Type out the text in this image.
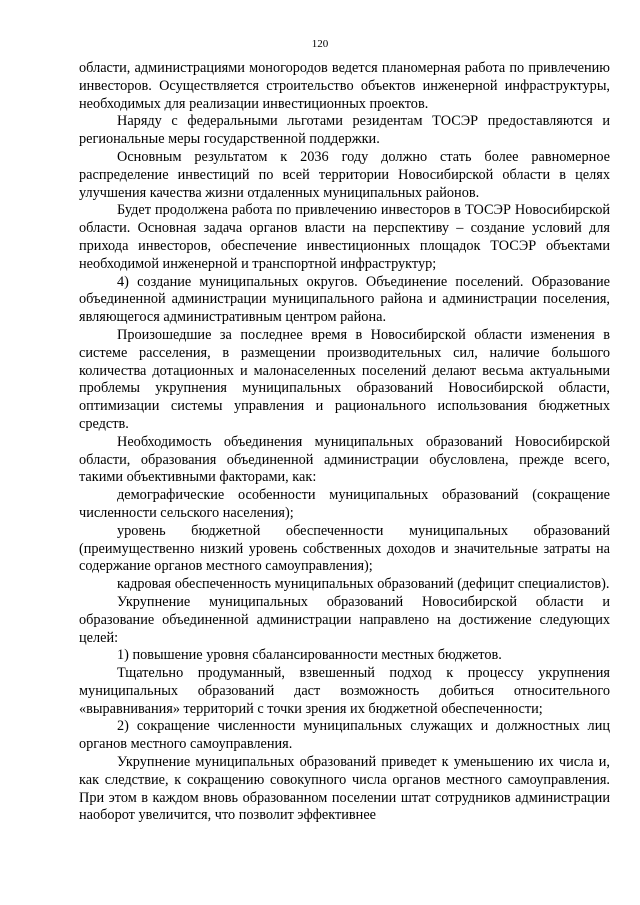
120

области, администрациями моногородов ведется планомерная работа по привлечению инвесторов. Осуществляется строительство объектов инженерной инфраструктуры, необходимых для реализации инвестиционных проектов.

Наряду с федеральными льготами резидентам ТОСЭР предоставляются и региональные меры государственной поддержки.

Основным результатом к 2036 году должно стать более равномерное распределение инвестиций по всей территории Новосибирской области в целях улучшения качества жизни отдаленных муниципальных районов.

Будет продолжена работа по привлечению инвесторов в ТОСЭР Новосибирской области. Основная задача органов власти на перспективу – создание условий для прихода инвесторов, обеспечение инвестиционных площадок ТОСЭР объектами необходимой инженерной и транспортной инфраструктур;

4) создание муниципальных округов. Объединение поселений. Образование объединенной администрации муниципального района и администрации поселения, являющегося административным центром района.

Произошедшие за последнее время в Новосибирской области изменения в системе расселения, в размещении производительных сил, наличие большого количества дотационных и малонаселенных поселений делают весьма актуальными проблемы укрупнения муниципальных образований Новосибирской области, оптимизации системы управления и рационального использования бюджетных средств.

Необходимость объединения муниципальных образований Новосибирской области, образования объединенной администрации обусловлена, прежде всего, такими объективными факторами, как:

демографические особенности муниципальных образований (сокращение численности сельского населения);

уровень бюджетной обеспеченности муниципальных образований (преимущественно низкий уровень собственных доходов и значительные затраты на содержание органов местного самоуправления);

кадровая обеспеченность муниципальных образований (дефицит специалистов).

Укрупнение муниципальных образований Новосибирской области и образование объединенной администрации направлено на достижение следующих целей:

1) повышение уровня сбалансированности местных бюджетов.

Тщательно продуманный, взвешенный подход к процессу укрупнения муниципальных образований даст возможность добиться относительного «выравнивания» территорий с точки зрения их бюджетной обеспеченности;

2) сокращение численности муниципальных служащих и должностных лиц органов местного самоуправления.

Укрупнение муниципальных образований приведет к уменьшению их числа и, как следствие, к сокращению совокупного числа органов местного самоуправления. При этом в каждом вновь образованном поселении штат сотрудников администрации наоборот увеличится, что позволит эффективнее
